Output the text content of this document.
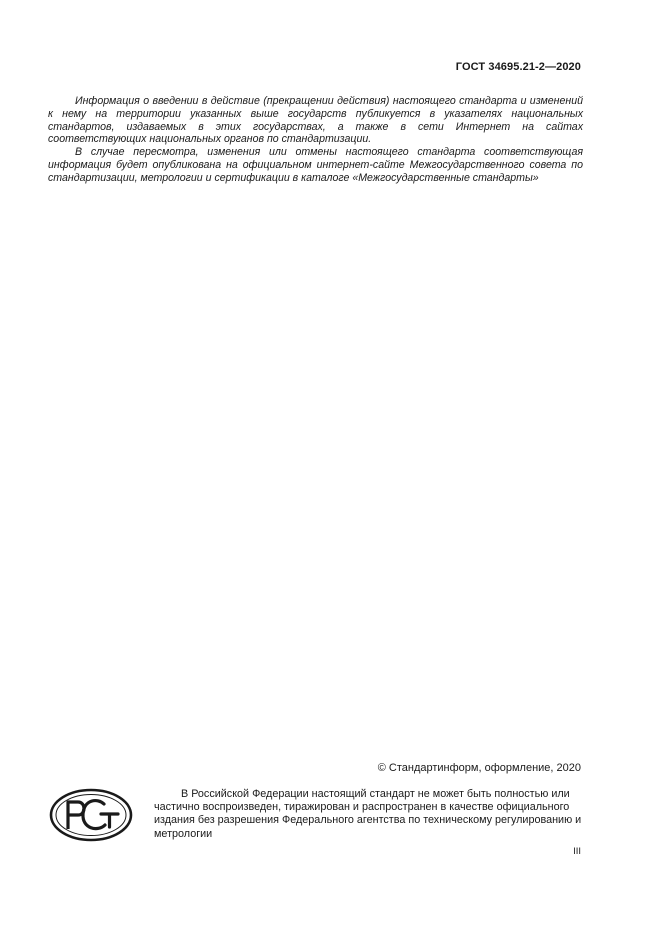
ГОСТ 34695.21-2—2020

Информация о введении в действие (прекращении действия) настоящего стандарта и изменений к нему на территории указанных выше государств публикуется в указателях национальных стандартов, издаваемых в этих государствах, а также в сети Интернет на сайтах соответствующих национальных органов по стандартизации.

В случае пересмотра, изменения или отмены настоящего стандарта соответствующая информация будет опубликована на официальном интернет-сайте Межгосударственного совета по стандартизации, метрологии и сертификации в каталоге «Межгосударственные стандарты»

© Стандартинформ, оформление, 2020
В Российской Федерации настоящий стандарт не может быть полностью или частично воспроизведен, тиражирован и распространен в качестве официального издания без разрешения Федерального агентства по техническому регулированию и метрологии
III
